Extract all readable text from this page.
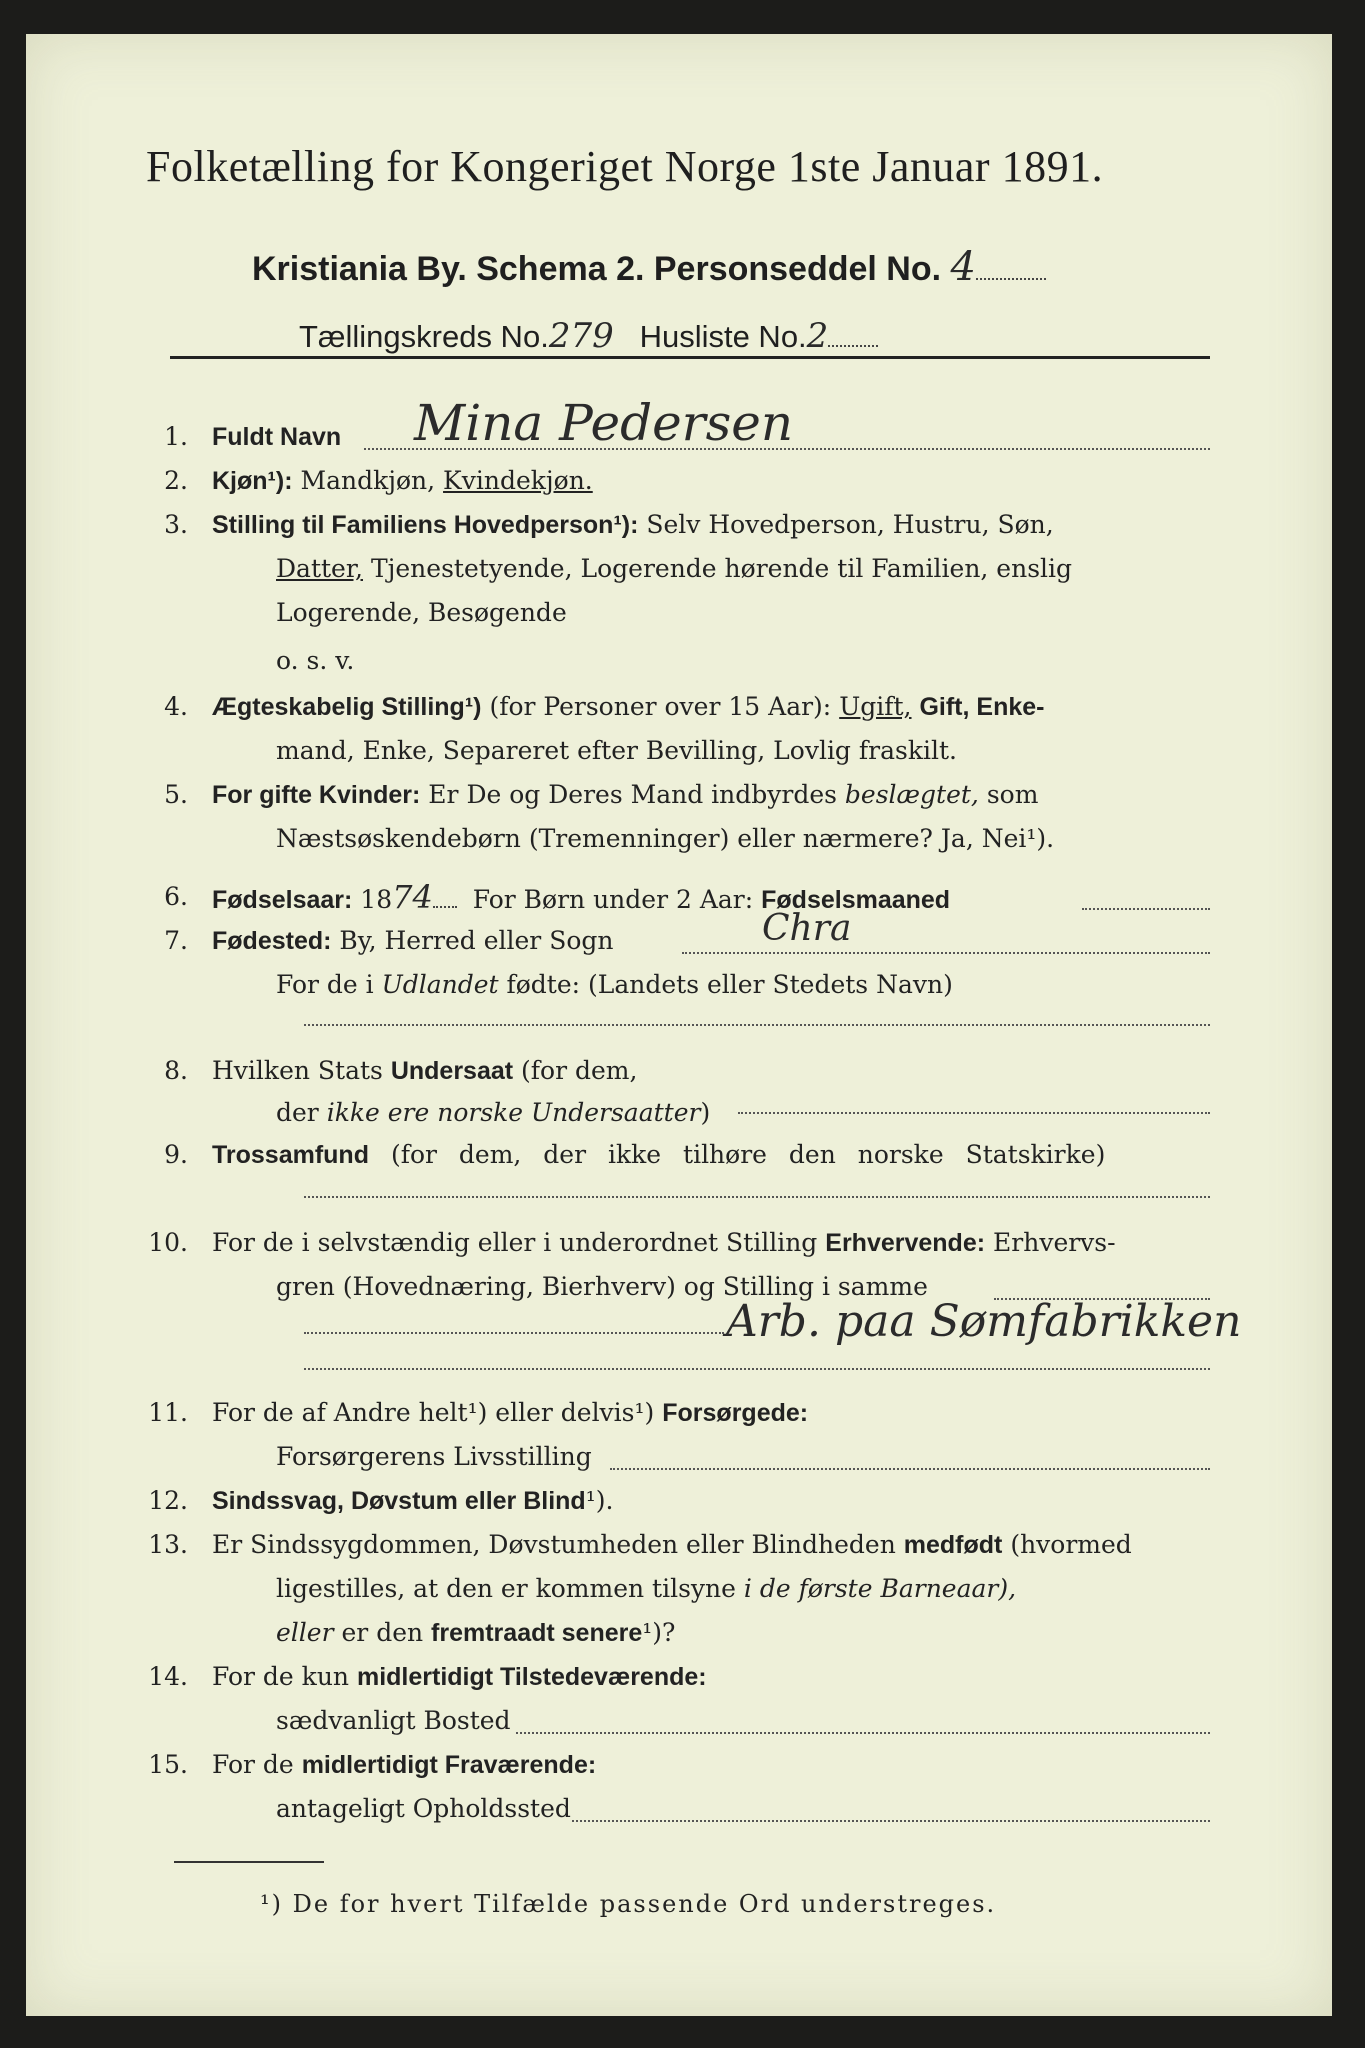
Folketælling for Kongeriget Norge 1ste Januar 1891.
Kristiania By. Schema 2. Personseddel No. 4
Tællingskreds No.279 Husliste No.2
1. Fuldt Navn Mina Pedersen
2. Kjøn¹): Mandkjøn, Kvindekjøn.
3. Stilling til Familiens Hovedperson¹): Selv Hovedperson, Hustru, Søn,
Datter, Tjenestetyende, Logerende hørende til Familien, enslig
Logerende, Besøgende
o. s. v.
4. Ægteskabelig Stilling¹) (for Personer over 15 Aar): Ugift, Gift, Enke-
mand, Enke, Separeret efter Bevilling, Lovlig fraskilt.
5. For gifte Kvinder: Er De og Deres Mand indbyrdes beslægtet, som
Næstsøskendebørn (Tremenninger) eller nærmere? Ja, Nei¹).
6. Fødselsaar: 1874 For Børn under 2 Aar: Fødselsmaaned
7. Fødested: By, Herred eller Sogn	Chra
For de i Udlandet fødte: (Landets eller Stedets Navn)
8. Hvilken Stats Undersaat (for dem,
der ikke ere norske Undersaatter)
9. Trossamfund (for dem, der ikke tilhøre den norske Statskirke)
10. For de i selvstændig eller i underordnet Stilling Erhvervende: Erhvervs-
gren (Hovednæring, Bierhverv) og Stilling i samme
Arb. paa Sømfabrikken
11. For de af Andre helt¹) eller delvis¹) Forsørgede:
Forsørgerens Livsstilling
12. Sindssvag, Døvstum eller Blind¹).
13. Er Sindssygdommen, Døvstumheden eller Blindheden medfødt (hvormed
ligestilles, at den er kommen tilsyne i de første Barneaar),
eller er den fremtraadt senere¹)?
14. For de kun midlertidigt Tilstedeværende:
sædvanligt Bosted
15. For de midlertidigt Fraværende:
antageligt Opholdssted
¹) De for hvert Tilfælde passende Ord understreges.
